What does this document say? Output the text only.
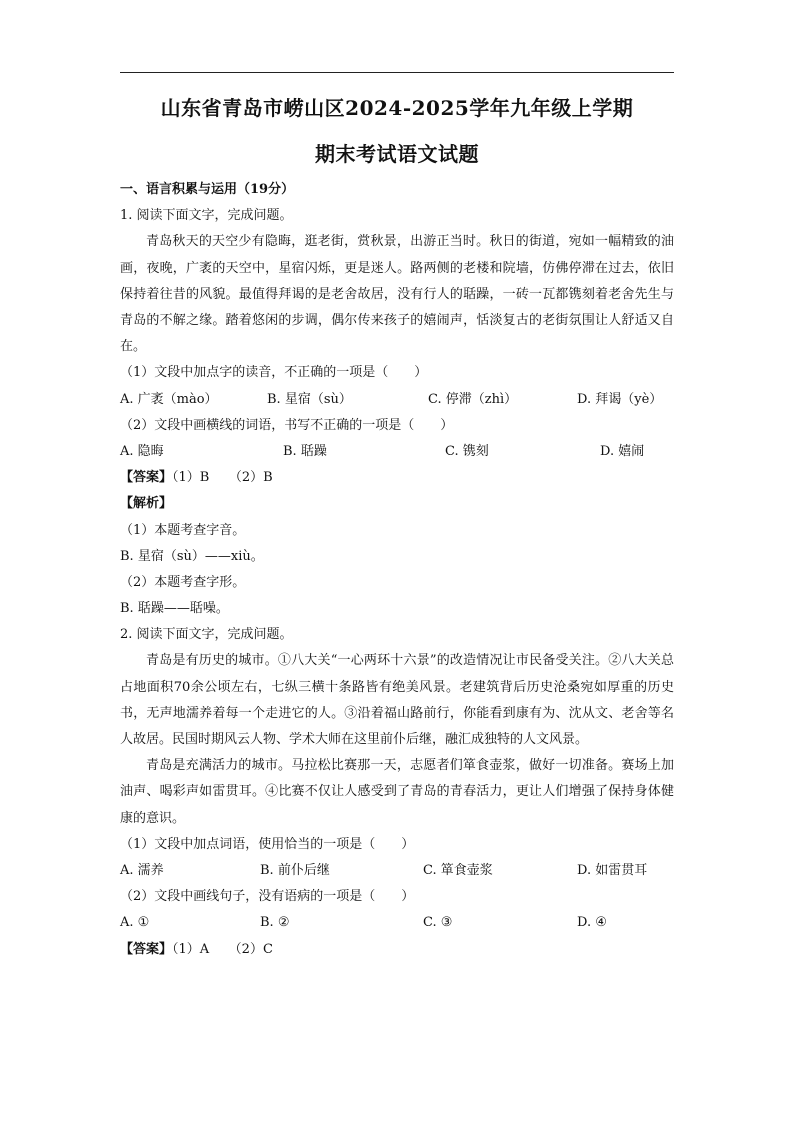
山东省青岛市崂山区2024-2025学年九年级上学期
期末考试语文试题
一、语言积累与运用（19分）
1. 阅读下面文字，完成问题。

青岛秋天的天空少有隐晦，逛老街，赏秋景，出游正当时。秋日的街道，宛如一幅精致的油画，夜晚，广袤的天空中，星宿闪烁，更是迷人。路两侧的老楼和院墙，仿佛停滞在过去，依旧保持着往昔的风貌。最值得拜谒的是老舍故居，没有行人的聒躁，一砖一瓦都镌刻着老舍先生与青岛的不解之缘。踏着悠闲的步调，偶尔传来孩子的嬉闹声，恬淡复古的老街氛围让人舒适又自在。

（1）文段中加点字的读音，不正确的一项是（　　）
A. 广袤（mào）	B. 星宿（sù）	C. 停滞（zhì）	D. 拜谒（yè）
（2）文段中画横线的词语，书写不正确的一项是（　　）
A. 隐晦	B. 聒躁	C. 镌刻	D. 嬉闹
【答案】（1）B　　（2）B
【解析】
（1）本题考查字音。
B. 星宿（sù）——xiù。
（2）本题考查字形。
B. 聒躁——聒噪。
2. 阅读下面文字，完成问题。

青岛是有历史的城市。①八大关“一心两环十六景”的改造情况让市民备受关注。②八大关总占地面积70余公顷左右，七纵三横十条路皆有绝美风景。老建筑背后历史沧桑宛如厚重的历史书，无声地濡养着每一个走进它的人。③沿着福山路前行，你能看到康有为、沈从文、老舍等名人故居。民国时期风云人物、学术大师在这里前仆后继，融汇成独特的人文风景。

青岛是充满活力的城市。马拉松比赛那一天，志愿者们箪食壶浆，做好一切准备。赛场上加油声、喝彩声如雷贯耳。④比赛不仅让人感受到了青岛的青春活力，更让人们增强了保持身体健康的意识。

（1）文段中加点词语，使用恰当的一项是（　　）
A. 濡养	B. 前仆后继	C. 箪食壶浆	D. 如雷贯耳
（2）文段中画线句子，没有语病的一项是（　　）
A. ①	B. ②	C. ③	D. ④
【答案】（1）A　　（2）C
